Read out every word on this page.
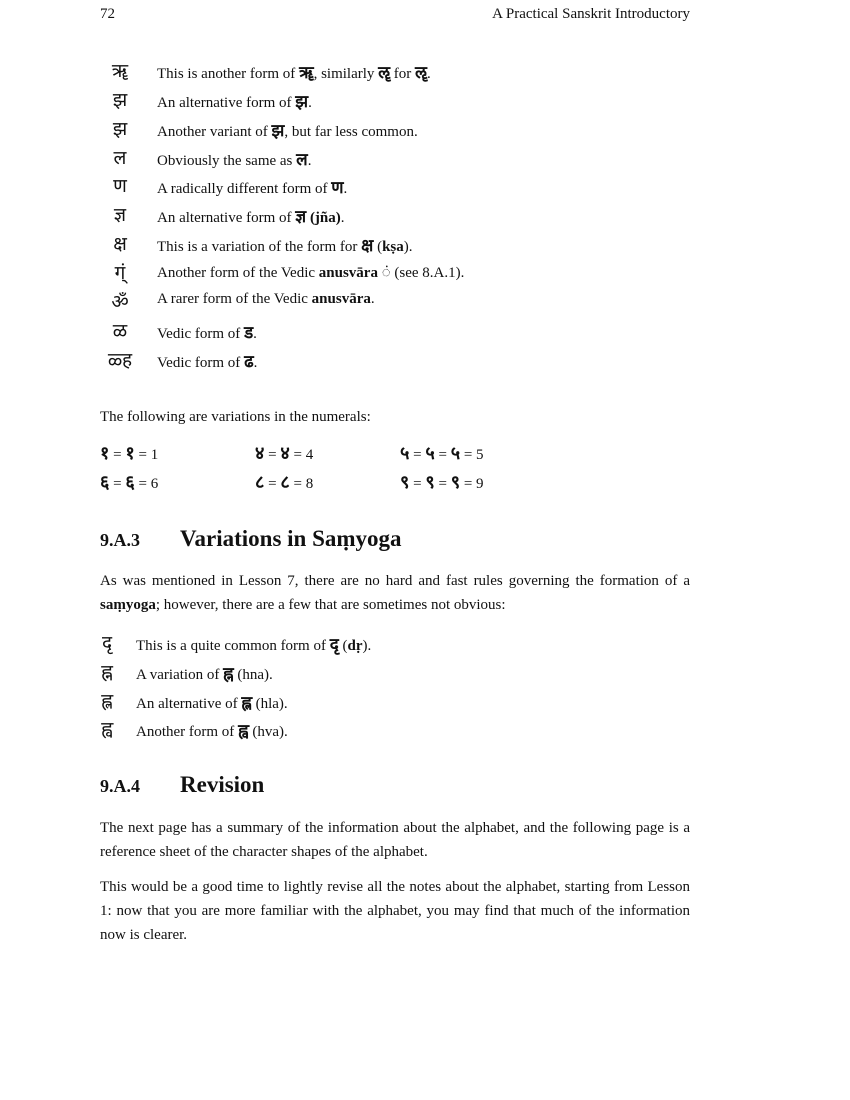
72	A Practical Sanskrit Introductory
ॠ	This is another form of ॠ, similarly ॡ for ॡ.
झ	An alternative form of झ.
झ	Another variant of झ, but far less common.
ल	Obviously the same as ल.
ण	A radically different form of ण.
ज्ञ	An alternative form of ज्ञ (jña).
क्ष	This is a variation of the form for क्ष (kṣa).
ग्ं	Another form of the Vedic anusvāra ं (see 8.A.1).
ॐ	A rarer form of the Vedic anusvāra.
ळ	Vedic form of ड.
ळ्ह	Vedic form of ढ.
The following are variations in the numerals:
१ = १ = 1	४ = ४ = 4	५ = ५ = ५ = 5
६ = ६ = 6	८ = ८ = 8	९ = ९ = ९ = 9
9.A.3 Variations in Saṃyoga
As was mentioned in Lesson 7, there are no hard and fast rules governing the formation of a saṃyoga; however, there are a few that are sometimes not obvious:
दृ	This is a quite common form of दृ (dṛ).
ह्न	A variation of ह्न (hna).
ह्ल	An alternative of ह्ल (hla).
ह्व	Another form of ह्व (hva).
9.A.4 Revision
The next page has a summary of the information about the alphabet, and the following page is a reference sheet of the character shapes of the alphabet.
This would be a good time to lightly revise all the notes about the alphabet, starting from Lesson 1: now that you are more familiar with the alphabet, you may find that much of the information now is clearer.
